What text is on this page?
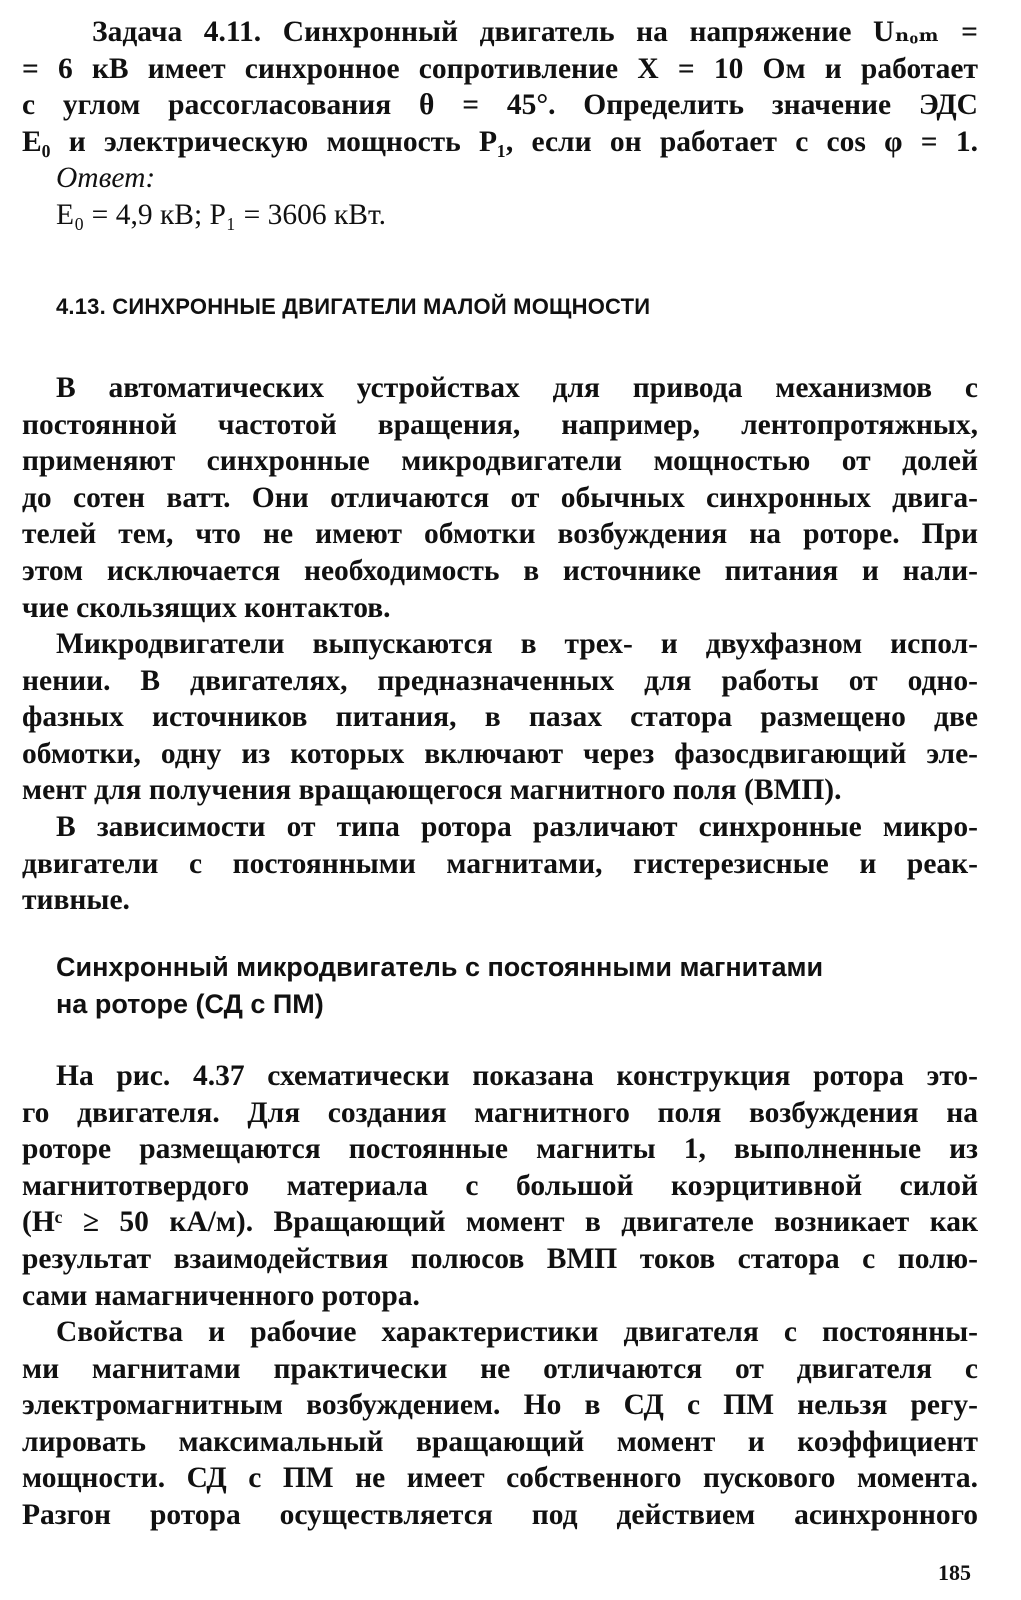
Задача 4.11. Синхронный двигатель на напряжение Uₙₒₘ =
= 6 кВ имеет синхронное сопротивление X = 10 Ом и работает
с углом рассогласования θ = 45°. Определить значение ЭДС
E₀ и электрическую мощность P₁, если он работает с cos φ = 1.
Ответ:
E₀ = 4,9 кВ; P₁ = 3606 кВт.
4.13. СИНХРОННЫЕ ДВИГАТЕЛИ МАЛОЙ МОЩНОСТИ
В автоматических устройствах для привода механизмов с
постоянной частотой вращения, например, лентопротяжных,
применяют синхронные микродвигатели мощностью от долей
до сотен ватт. Они отличаются от обычных синхронных двига-
телей тем, что не имеют обмотки возбуждения на роторе. При
этом исключается необходимость в источнике питания и нали-
чие скользящих контактов.
Микродвигатели выпускаются в трех- и двухфазном испол-
нении. В двигателях, предназначенных для работы от одно-
фазных источников питания, в пазах статора размещено две
обмотки, одну из которых включают через фазосдвигающий эле-
мент для получения вращающегося магнитного поля (ВМП).
В зависимости от типа ротора различают синхронные микро-
двигатели с постоянными магнитами, гистерезисные и реак-
тивные.
Синхронный микродвигатель с постоянными магнитами
на роторе (СД с ПМ)
На рис. 4.37 схематически показана конструкция ротора это-
го двигателя. Для создания магнитного поля возбуждения на
роторе размещаются постоянные магниты 1, выполненные из
магнитотвердого материала с большой коэрцитивной силой
(Hᶜ ≥ 50 кА/м). Вращающий момент в двигателе возникает как
результат взаимодействия полюсов ВМП токов статора с полю-
сами намагниченного ротора.
Свойства и рабочие характеристики двигателя с постоянны-
ми магнитами практически не отличаются от двигателя с
электромагнитным возбуждением. Но в СД с ПМ нельзя регу-
лировать максимальный вращающий момент и коэффициент
мощности. СД с ПМ не имеет собственного пускового момента.
Разгон ротора осуществляется под действием асинхронного
185
